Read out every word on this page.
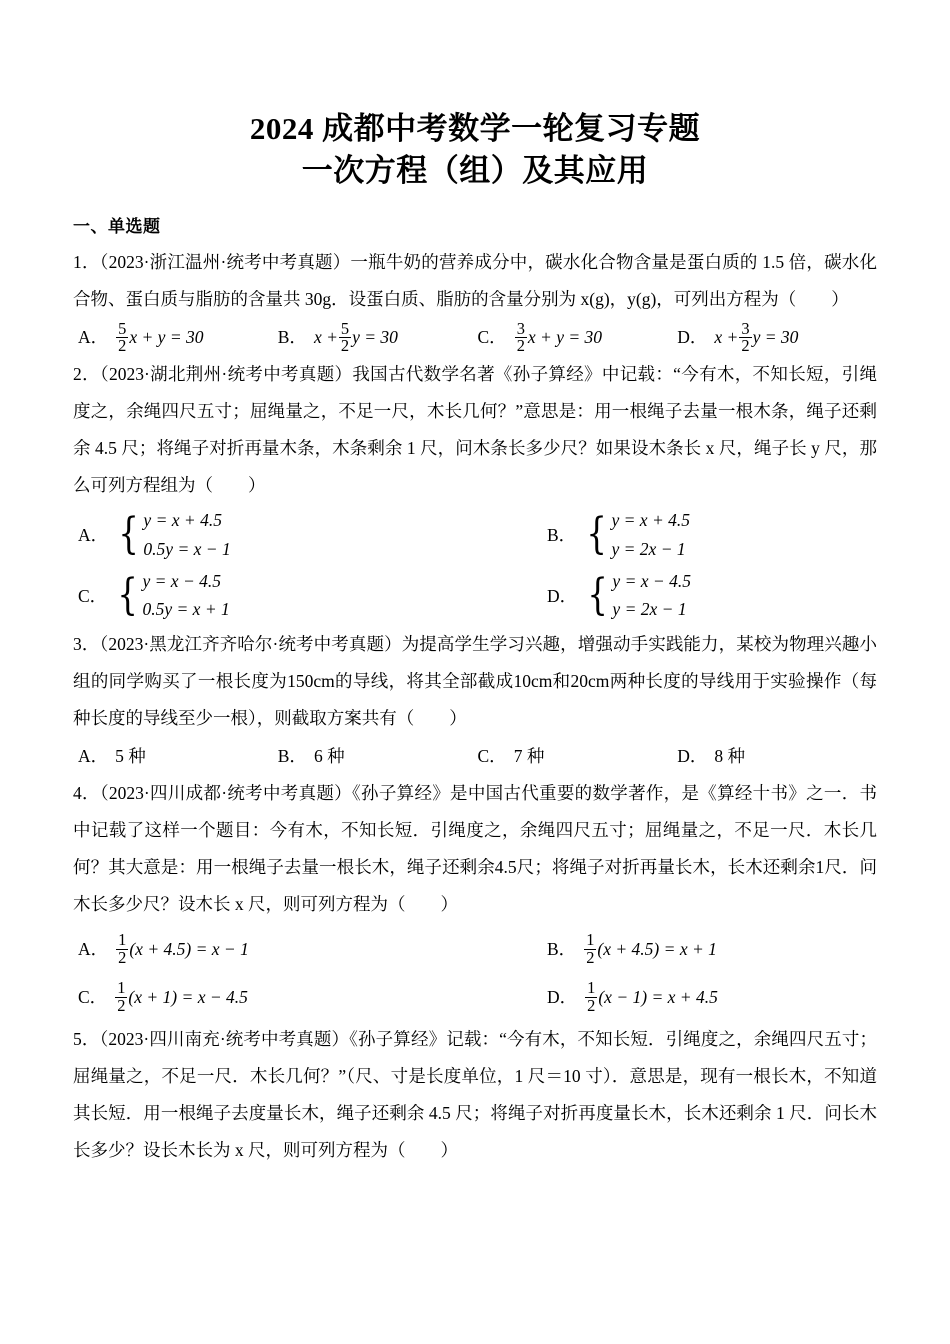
2024 成都中考数学一轮复习专题
一次方程（组）及其应用
一、单选题
1．（2023·浙江温州·统考中考真题）一瓶牛奶的营养成分中，碳水化合物含量是蛋白质的 1.5 倍，碳水化合物、蛋白质与脂肪的含量共 30g．设蛋白质、脂肪的含量分别为 x(g)，y(g)，可列出方程为（　　）
A． $\frac{5}{2}$ x + y = 30	B． $x + \frac{5}{2}$ y = 30	C． $\frac{3}{2}$ x + y = 30	D． $x + \frac{3}{2}$ y = 30
2．（2023·湖北荆州·统考中考真题）我国古代数学名著《孙子算经》中记载：“今有木，不知长短，引绳度之，余绳四尺五寸；屈绳量之，不足一尺，木长几何？”意思是：用一根绳子去量一根木条，绳子还剩余 4.5 尺；将绳子对折再量木条，木条剩余 1 尺，问木条长多少尺？如果设木条长 x 尺，绳子长 y 尺，那么可列方程组为（　　）
A． { y = x + 4.5
0.5y = x − 1
B． { y = x + 4.5
y = 2x − 1
C． { y = x − 4.5
0.5y = x + 1
D． { y = x − 4.5
y = 2x − 1
3．（2023·黑龙江齐齐哈尔·统考中考真题）为提高学生学习兴趣，增强动手实践能力，某校为物理兴趣小组的同学购买了一根长度为150cm的导线，将其全部截成10cm和20cm两种长度的导线用于实验操作（每种长度的导线至少一根），则截取方案共有（　　）
A． 5 种	B． 6 种	C． 7 种	D． 8 种
4．（2023·四川成都·统考中考真题）《孙子算经》是中国古代重要的数学著作，是《算经十书》之一．书中记载了这样一个题目：今有木，不知长短．引绳度之，余绳四尺五寸；屈绳量之，不足一尺．木长几何？其大意是：用一根绳子去量一根长木，绳子还剩余4.5尺；将绳子对折再量长木，长木还剩余1尺．问木长多少尺？设木长 x 尺，则可列方程为（　　）
A． $\frac{1}{2} (x + 4.5) = x - 1$	B． $\frac{1}{2} (x + 4.5) = x + 1$
C． $\frac{1}{2} (x + 1) = x - 4.5$	D． $\frac{1}{2} (x - 1) = x + 4.5$
5．（2023·四川南充·统考中考真题）《孙子算经》记载：“今有木，不知长短．引绳度之，余绳四尺五寸；屈绳量之，不足一尺．木长几何？”（尺、寸是长度单位，1 尺＝10 寸）．意思是，现有一根长木，不知道其长短．用一根绳子去度量长木，绳子还剩余 4.5 尺；将绳子对折再度量长木，长木还剩余 1 尺．问长木长多少？设长木长为 x 尺，则可列方程为（　　）
